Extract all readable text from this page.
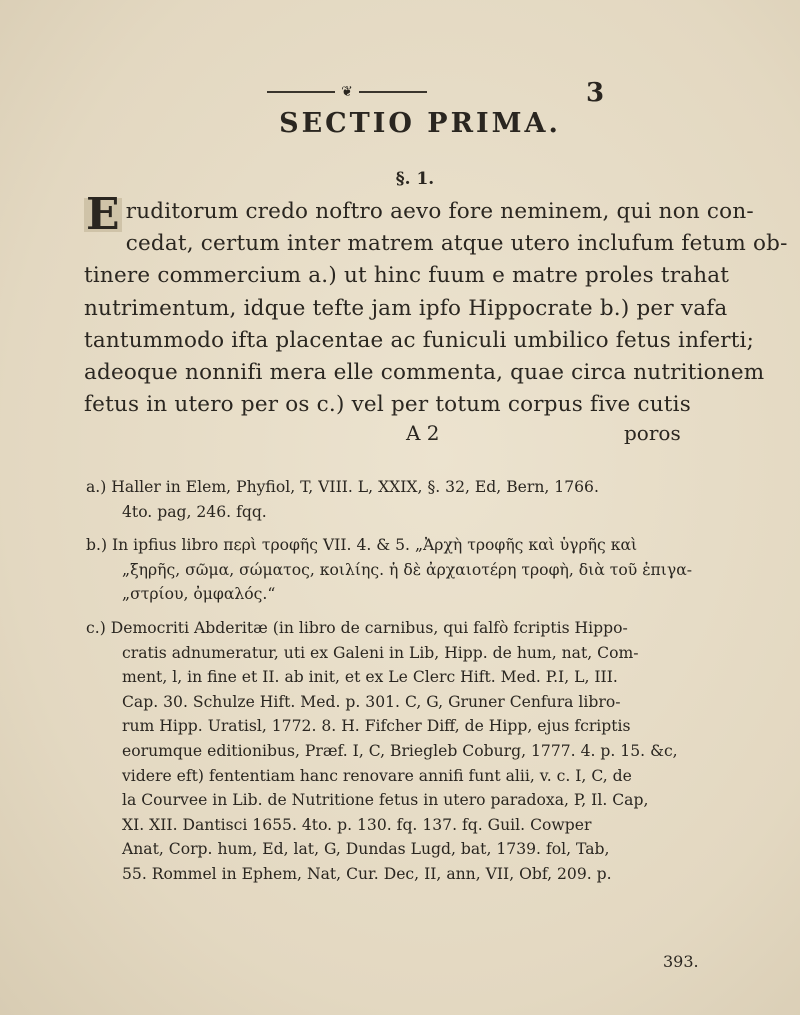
❦	3
SECTIO PRIMA.
§. 1.
E ruditorum credo noftro aevo fore neminem, qui non con-
cedat, certum inter matrem atque utero inclufum fetum ob-
tinere commercium a.) ut hinc fuum e matre proles trahat
nutrimentum, idque tefte jam ipfo Hippocrate b.) per vafa
tantummodo ifta placentae ac funiculi umbilico fetus inferti;
adeoque nonnifi mera elle commenta, quae circa nutritionem
fetus in utero per os c.) vel per totum corpus five cutis
A 2	poros
a.) Haller in Elem, Phyfiol, T, VIII. L, XXIX, §. 32, Ed, Bern, 1766.
4to. pag, 246. fqq.
b.) In ipfius libro περὶ τροφῆς VII. 4. & 5. „Ἀρχὴ τροφῆς καὶ ὑγρῆς καὶ
„ξηρῆς, σῶμα, σώματος, κοιλίης. ἡ δὲ ἀρχαιοτέρη τροφὴ, διὰ τοῦ ἐπιγα-
„στρίου, ὀμφαλός.“
c.) Democriti Abderitæ (in libro de carnibus, qui falfò fcriptis Hippo-
cratis adnumeratur, uti ex Galeni in Lib, Hipp. de hum, nat, Com-
ment, l, in fine et II. ab init, et ex Le Clerc Hift. Med. P.I, L, III.
Cap. 30. Schulze Hift. Med. p. 301. C, G, Gruner Cenfura libro-
rum Hipp. Uratisl, 1772. 8. H. Fifcher Diff, de Hipp, ejus fcriptis
eorumque editionibus, Præf. I, C, Briegleb Coburg, 1777. 4. p. 15. &c,
videre eft) fententiam hanc renovare annifi funt alii, v. c. I, C, de
la Courvee in Lib. de Nutritione fetus in utero paradoxa, P, Il. Cap,
XI. XII. Dantisci 1655. 4to. p. 130. fq. 137. fq. Guil. Cowper
Anat, Corp. hum, Ed, lat, G, Dundas Lugd, bat, 1739. fol, Tab,
55. Rommel in Ephem, Nat, Cur. Dec, II, ann, VII, Obf, 209. p.
393.
